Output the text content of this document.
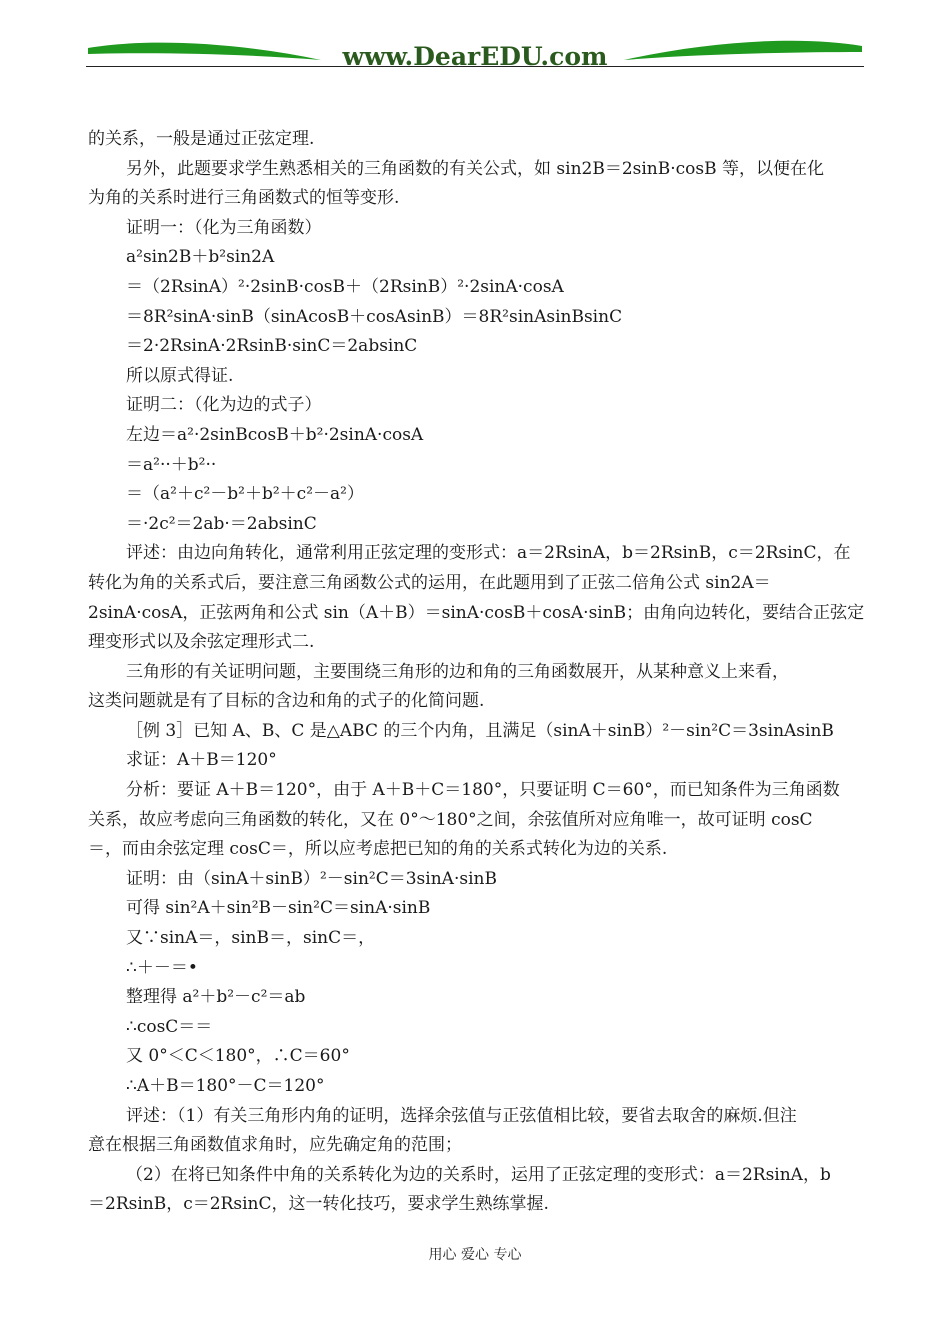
www.DearEDU.com
的关系，一般是通过正弦定理.
另外，此题要求学生熟悉相关的三角函数的有关公式，如 sin2B＝2sinB·cosB 等，以便在化
为角的关系时进行三角函数式的恒等变形.
证明一：（化为三角函数）
a²sin2B＋b²sin2A
＝（2RsinA）²·2sinB·cosB＋（2RsinB）²·2sinA·cosA
＝8R²sinA·sinB（sinAcosB＋cosAsinB）＝8R²sinAsinBsinC
＝2·2RsinA·2RsinB·sinC＝2absinC
所以原式得证.
证明二：（化为边的式子）
左边＝a²·2sinBcosB＋b²·2sinA·cosA
＝a²··＋b²··
＝（a²＋c²－b²＋b²＋c²－a²）
＝·2c²＝2ab·＝2absinC
评述：由边向角转化，通常利用正弦定理的变形式：a＝2RsinA，b＝2RsinB，c＝2RsinC，在
转化为角的关系式后，要注意三角函数公式的运用，在此题用到了正弦二倍角公式 sin2A＝
2sinA·cosA，正弦两角和公式 sin（A＋B）＝sinA·cosB＋cosA·sinB；由角向边转化，要结合正弦定
理变形式以及余弦定理形式二.
三角形的有关证明问题，主要围绕三角形的边和角的三角函数展开，从某种意义上来看，
这类问题就是有了目标的含边和角的式子的化简问题.
［例 3］已知 A、B、C 是△ABC 的三个内角，且满足（sinA＋sinB）²－sin²C＝3sinAsinB
求证：A＋B＝120°
分析：要证 A＋B＝120°，由于 A＋B＋C＝180°，只要证明 C＝60°，而已知条件为三角函数
关系，故应考虑向三角函数的转化，又在 0°～180°之间，余弦值所对应角唯一，故可证明 cosC
＝，而由余弦定理 cosC＝，所以应考虑把已知的角的关系式转化为边的关系.
证明：由（sinA＋sinB）²－sin²C＝3sinA·sinB
可得 sin²A＋sin²B－sin²C＝sinA·sinB
又∵sinA＝，sinB＝，sinC＝，
∴＋－＝•
整理得 a²＋b²－c²＝ab
∴cosC＝＝
又 0°＜C＜180°，∴C＝60°
∴A＋B＝180°－C＝120°
评述：（1）有关三角形内角的证明，选择余弦值与正弦值相比较，要省去取舍的麻烦.但注
意在根据三角函数值求角时，应先确定角的范围；
（2）在将已知条件中角的关系转化为边的关系时，运用了正弦定理的变形式：a＝2RsinA，b
＝2RsinB，c＝2RsinC，这一转化技巧，要求学生熟练掌握.
用心 爱心 专心
